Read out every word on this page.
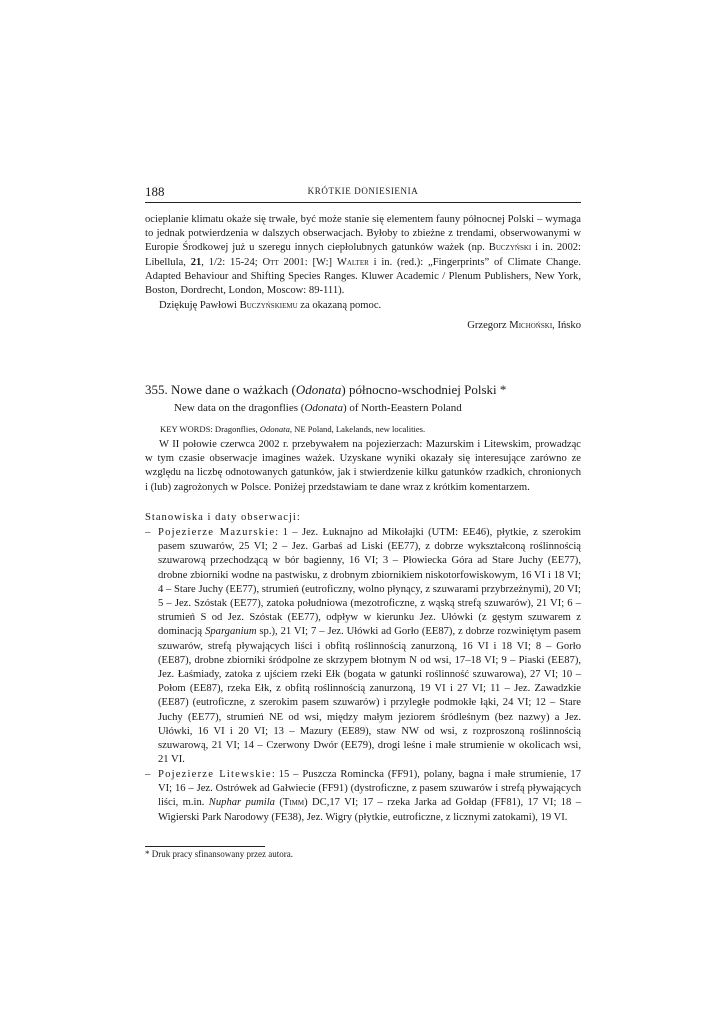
188	KRÓTKIE DONIESIENIA
ocieplanie klimatu okaże się trwałe, być może stanie się elementem fauny północnej Polski – wymaga to jednak potwierdzenia w dalszych obserwacjach. Byłoby to zbieżne z trendami, obserwowanymi w Europie Środkowej już u szeregu innych ciepłolubnych gatunków ważek (np. Buczyński i in. 2002: Libellula, 21, 1/2: 15-24; Ott 2001: [W:] Walter i in. (red.): „Fingerprints” of Climate Change. Adapted Behaviour and Shifting Species Ranges. Kluwer Academic / Plenum Publishers, New York, Boston, Dordrecht, London, Moscow: 89-111).
Dziękuję Pawłowi Buczyńskiemu za okazaną pomoc.
Grzegorz Michoński, Ińsko
355. Nowe dane o ważkach (Odonata) północno-wschodniej Polski *
New data on the dragonflies (Odonata) of North-Eeastern Poland
KEY WORDS: Dragonflies, Odonata, NE Poland, Lakelands, new localities.
W II połowie czerwca 2002 r. przebywałem na pojezierzach: Mazurskim i Litewskim, prowadząc w tym czasie obserwacje imagines ważek. Uzyskane wyniki okazały się interesujące zarówno ze względu na liczbę odnotowanych gatunków, jak i stwierdzenie kilku gatunków rzadkich, chronionych i (lub) zagrożonych w Polsce. Poniżej przedstawiam te dane wraz z krótkim komentarzem.
Stanowiska i daty obserwacji:
– Pojezierze Mazurskie: 1 – Jez. Łuknajno ad Mikołajki (UTM: EE46), płytkie, z szerokim pasem szuwarów, 25 VI; 2 – Jez. Garbaś ad Liski (EE77), z dobrze wykształconą roślinnością szuwarową przechodzącą w bór bagienny, 16 VI; 3 – Płowiecka Góra ad Stare Juchy (EE77), drobne zbiorniki wodne na pastwisku, z drobnym zbiornikiem niskotorfowiskowym, 16 VI i 18 VI; 4 – Stare Juchy (EE77), strumień (eutroficzny, wolno płynący, z szuwarami przybrzeżnymi), 20 VI; 5 – Jez. Szóstak (EE77), zatoka południowa (mezotroficzne, z wąską strefą szuwarów), 21 VI; 6 – strumień S od Jez. Szóstak (EE77), odpływ w kierunku Jez. Ułówki (z gęstym szuwarem z dominacją Sparganium sp.), 21 VI; 7 – Jez. Ułówki ad Gorło (EE87), z dobrze rozwiniętym pasem szuwarów, strefą pływających liści i obfitą roślinnością zanurzoną, 16 VI i 18 VI; 8 – Gorło (EE87), drobne zbiorniki śródpolne ze skrzypem błotnym N od wsi, 17–18 VI; 9 – Piaski (EE87), Jez. Łaśmiady, zatoka z ujściem rzeki Ełk (bogata w gatunki roślinność szuwarowa), 27 VI; 10 – Połom (EE87), rzeka Ełk, z obfitą roślinnością zanurzoną, 19 VI i 27 VI; 11 – Jez. Zawadzkie (EE87) (eutroficzne, z szerokim pasem szuwarów) i przyległe podmokłe łąki, 24 VI; 12 – Stare Juchy (EE77), strumień NE od wsi, między małym jeziorem śródleśnym (bez nazwy) a Jez. Ułówki, 16 VI i 20 VI; 13 – Mazury (EE89), staw NW od wsi, z rozproszoną roślinnością szuwarową, 21 VI; 14 – Czerwony Dwór (EE79), drogi leśne i małe strumienie w okolicach wsi, 21 VI.
– Pojezierze Litewskie: 15 – Puszcza Romincka (FF91), polany, bagna i małe strumienie, 17 VI; 16 – Jez. Ostrówek ad Gałwiecie (FF91) (dystroficzne, z pasem szuwarów i strefą pływających liści, m.in. Nuphar pumila (Timm) DC,17 VI; 17 – rzeka Jarka ad Gołdap (FF81), 17 VI; 18 – Wigierski Park Narodowy (FE38), Jez. Wigry (płytkie, eutroficzne, z licznymi zatokami), 19 VI.
* Druk pracy sfinansowany przez autora.
